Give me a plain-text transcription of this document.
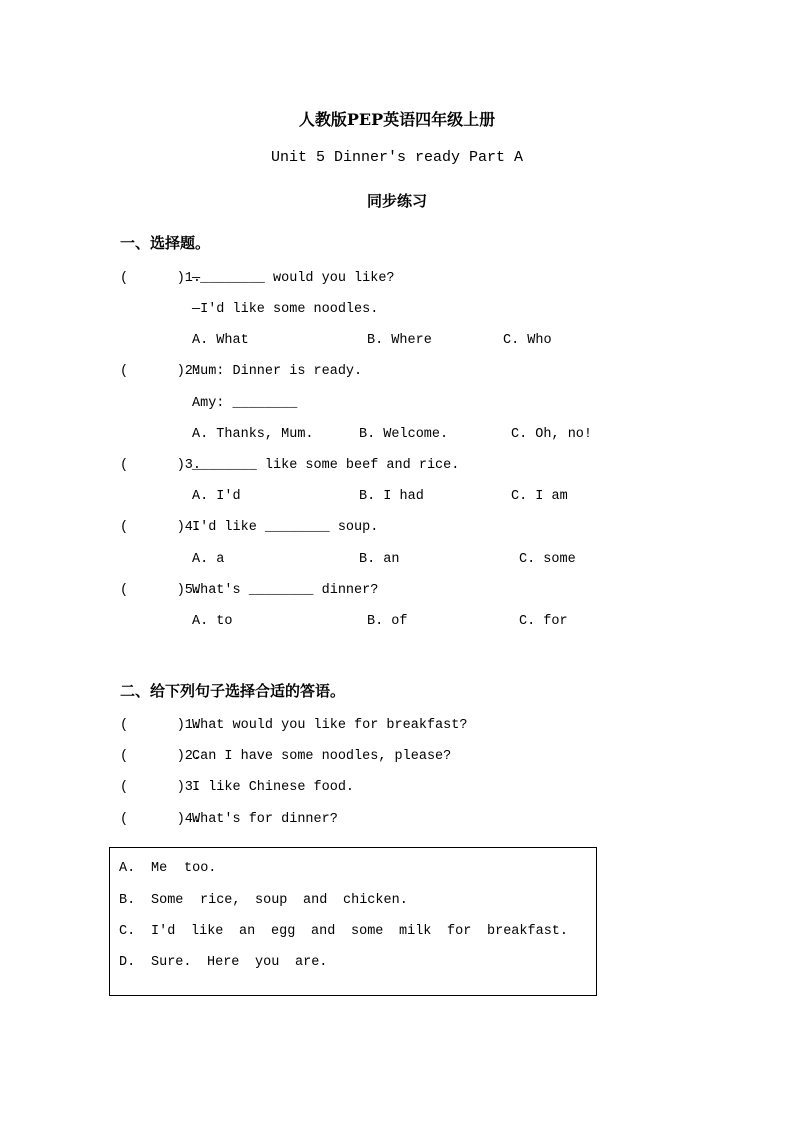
人教版PEP英语四年级上册
Unit 5 Dinner's ready Part A
同步练习
一、选择题。
(      )1.
—________ would you like?
—I'd like some noodles.
A. What	B. Where	C. Who
(      )2.
Mum: Dinner is ready.
Amy: ________
A. Thanks, Mum.	B. Welcome.	C. Oh, no!
(      )3.
________ like some beef and rice.
A. I'd	B. I had	C. I am
(      )4.
I'd like ________ soup.
A. a	B. an	C. some
(      )5.
What's ________ dinner?
A. to	B. of	C. for
二、给下列句子选择合适的答语。
(      )1.
What would you like for breakfast?
(      )2.
Can I have some noodles, please?
(      )3.
I like Chinese food.
(      )4.
What's for dinner?
A. Me too.
B. Some rice, soup and chicken.
C. I'd like an egg and some milk for breakfast.
D. Sure. Here you are.
